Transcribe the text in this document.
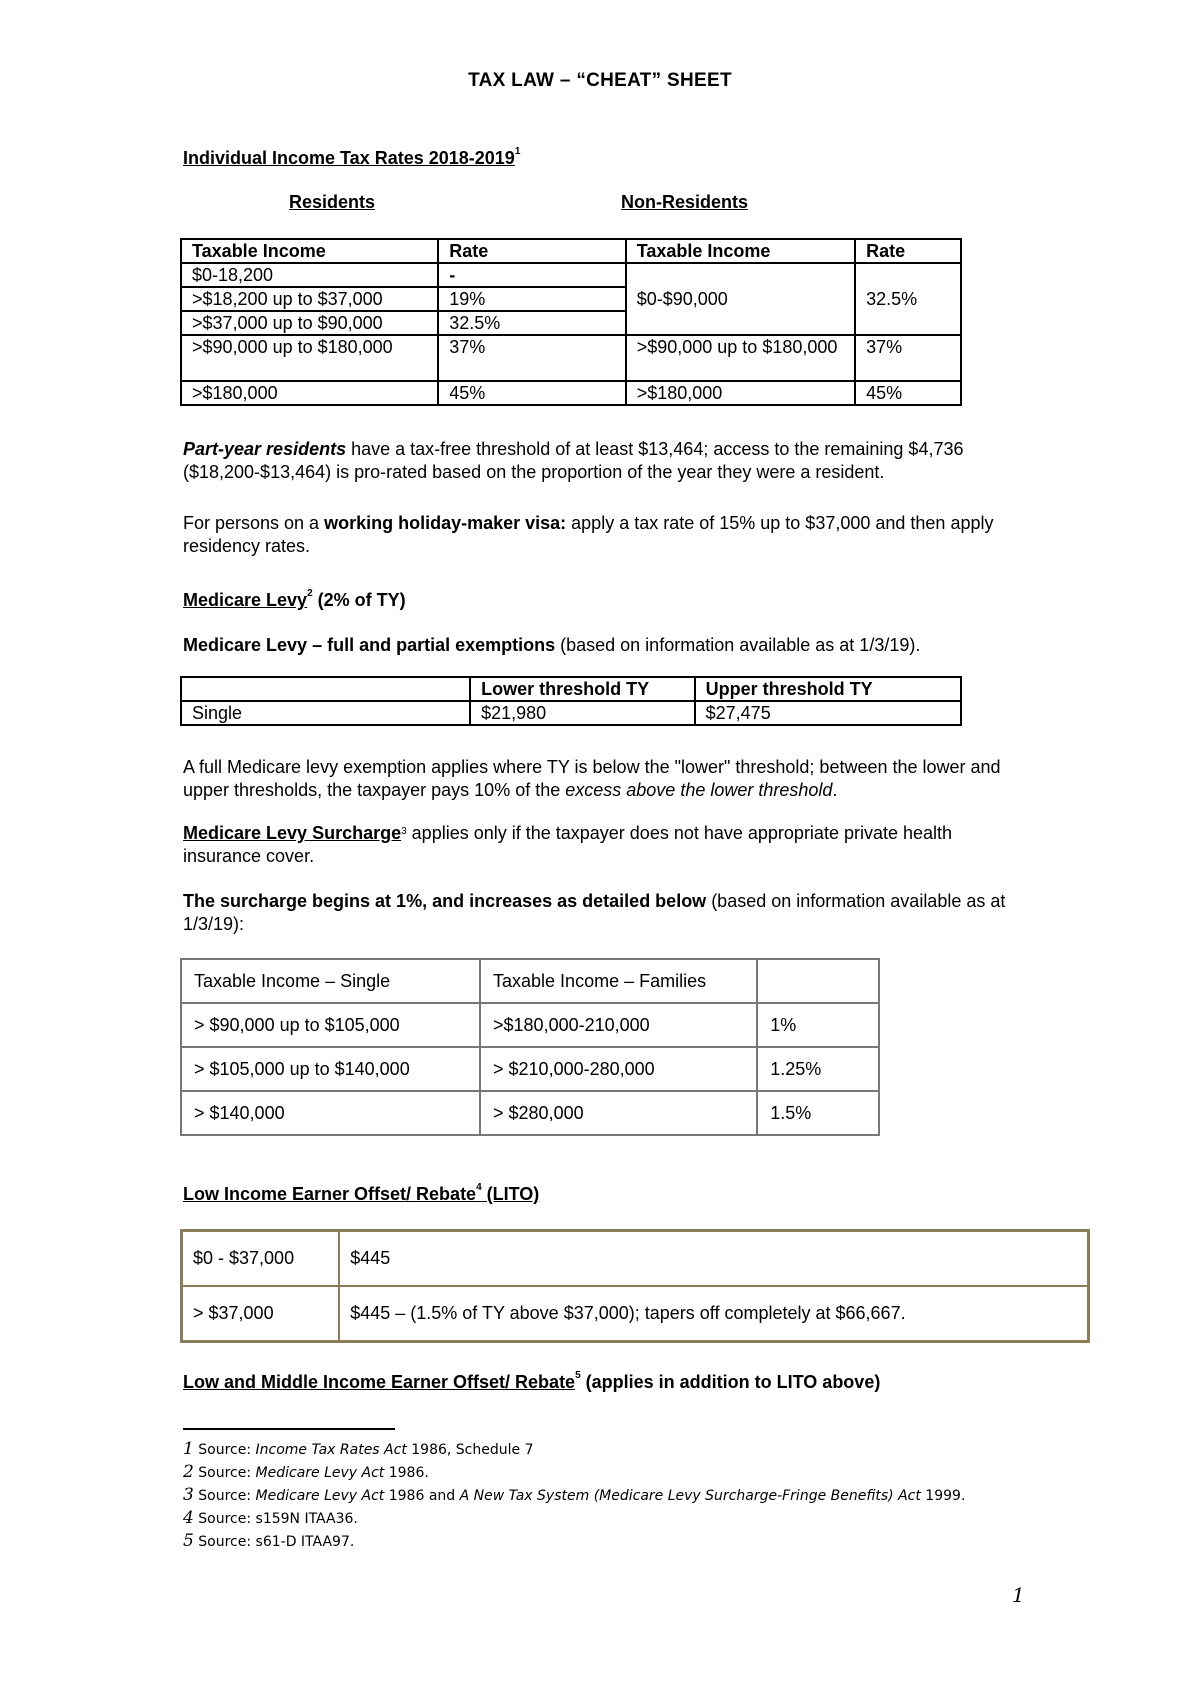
TAX LAW – “CHEAT” SHEET
Individual Income Tax Rates 2018-2019$^1$
Residents	Non-Residents
Taxable Income	Rate	Taxable Income	Rate
$0-18,200	-	$0-$90,000	32.5%
>$18,200 up to $37,000	19%		
>$37,000 up to $90,000	32.5%		
>$90,000 up to $180,000	37%	>$90,000 up to $180,000	37%
>$180,000	45%	>$180,000	45%
Part-year residents have a tax-free threshold of at least $13,464; access to the remaining $4,736 ($18,200-$13,464) is pro-rated based on the proportion of the year they were a resident.
For persons on a working holiday-maker visa: apply a tax rate of 15% up to $37,000 and then apply residency rates.
Medicare Levy$^2$ (2% of TY)
Medicare Levy – full and partial exemptions (based on information available as at 1/3/19).
	Lower threshold TY	Upper threshold TY
Single	$21,980	$27,475
A full Medicare levy exemption applies where TY is below the "lower" threshold; between the lower and upper thresholds, the taxpayer pays 10% of the excess above the lower threshold.
Medicare Levy Surcharge$^3$ applies only if the taxpayer does not have appropriate private health insurance cover.
The surcharge begins at 1%, and increases as detailed below (based on information available as at 1/3/19):
Taxable Income – Single	Taxable Income – Families	
> $90,000 up to $105,000	>$180,000-210,000	1%
> $105,000 up to $140,000	> $210,000-280,000	1.25%
> $140,000	> $280,000	1.5%
Low Income Earner Offset/ Rebate$^4$ (LITO)
$0 - $37,000	$445
> $37,000	$445 – (1.5% of TY above $37,000); tapers off completely at $66,667.
Low and Middle Income Earner Offset/ Rebate$^5$ (applies in addition to LITO above)
1 Source: Income Tax Rates Act 1986, Schedule 7
2 Source: Medicare Levy Act 1986.
3 Source: Medicare Levy Act 1986 and A New Tax System (Medicare Levy Surcharge-Fringe Benefits) Act 1999.
4 Source: s159N ITAA36.
5 Source: s61-D ITAA97.
1
